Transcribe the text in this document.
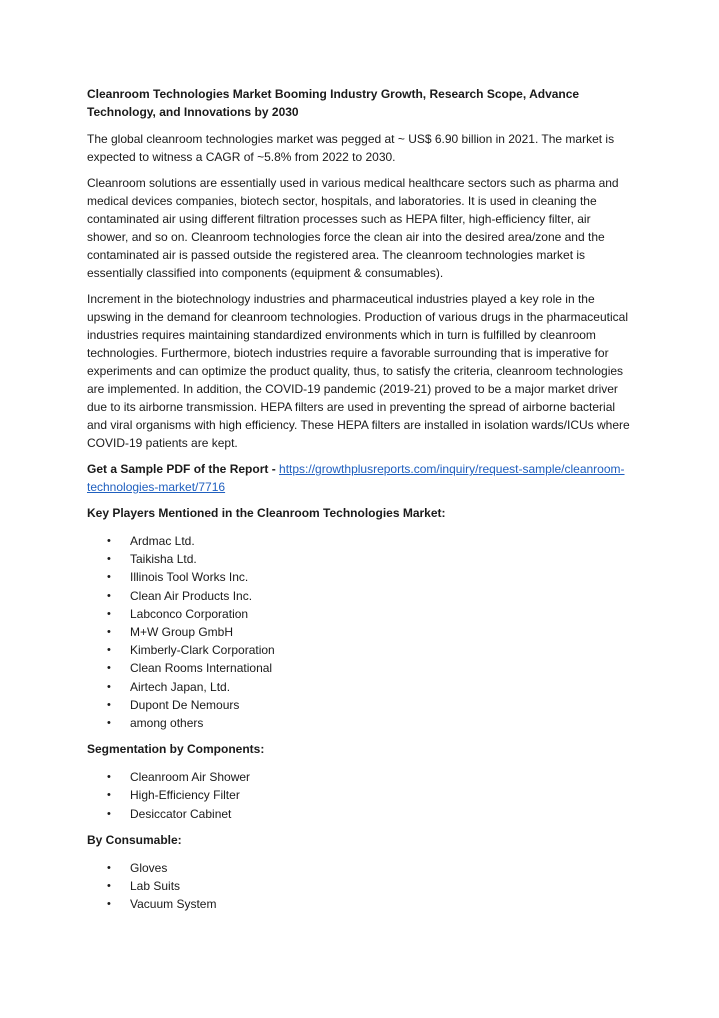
Cleanroom Technologies Market Booming Industry Growth, Research Scope, Advance Technology, and Innovations by 2030

The global cleanroom technologies market was pegged at ~ US$ 6.90 billion in 2021. The market is expected to witness a CAGR of ~5.8% from 2022 to 2030.

Cleanroom solutions are essentially used in various medical healthcare sectors such as pharma and medical devices companies, biotech sector, hospitals, and laboratories. It is used in cleaning the contaminated air using different filtration processes such as HEPA filter, high-efficiency filter, air shower, and so on. Cleanroom technologies force the clean air into the desired area/zone and the contaminated air is passed outside the registered area. The cleanroom technologies market is essentially classified into components (equipment & consumables).

Increment in the biotechnology industries and pharmaceutical industries played a key role in the upswing in the demand for cleanroom technologies. Production of various drugs in the pharmaceutical industries requires maintaining standardized environments which in turn is fulfilled by cleanroom technologies. Furthermore, biotech industries require a favorable surrounding that is imperative for experiments and can optimize the product quality, thus, to satisfy the criteria, cleanroom technologies are implemented. In addition, the COVID-19 pandemic (2019-21) proved to be a major market driver due to its airborne transmission. HEPA filters are used in preventing the spread of airborne bacterial and viral organisms with high efficiency. These HEPA filters are installed in isolation wards/ICUs where COVID-19 patients are kept.

Get a Sample PDF of the Report - https://growthplusreports.com/inquiry/request-sample/cleanroom-technologies-market/7716

Key Players Mentioned in the Cleanroom Technologies Market:

• Ardmac Ltd.
• Taikisha Ltd.
• Illinois Tool Works Inc.
• Clean Air Products Inc.
• Labconco Corporation
• M+W Group GmbH
• Kimberly-Clark Corporation
• Clean Rooms International
• Airtech Japan, Ltd.
• Dupont De Nemours
• among others

Segmentation by Components:

• Cleanroom Air Shower
• High-Efficiency Filter
• Desiccator Cabinet

By Consumable:

• Gloves
• Lab Suits
• Vacuum System
